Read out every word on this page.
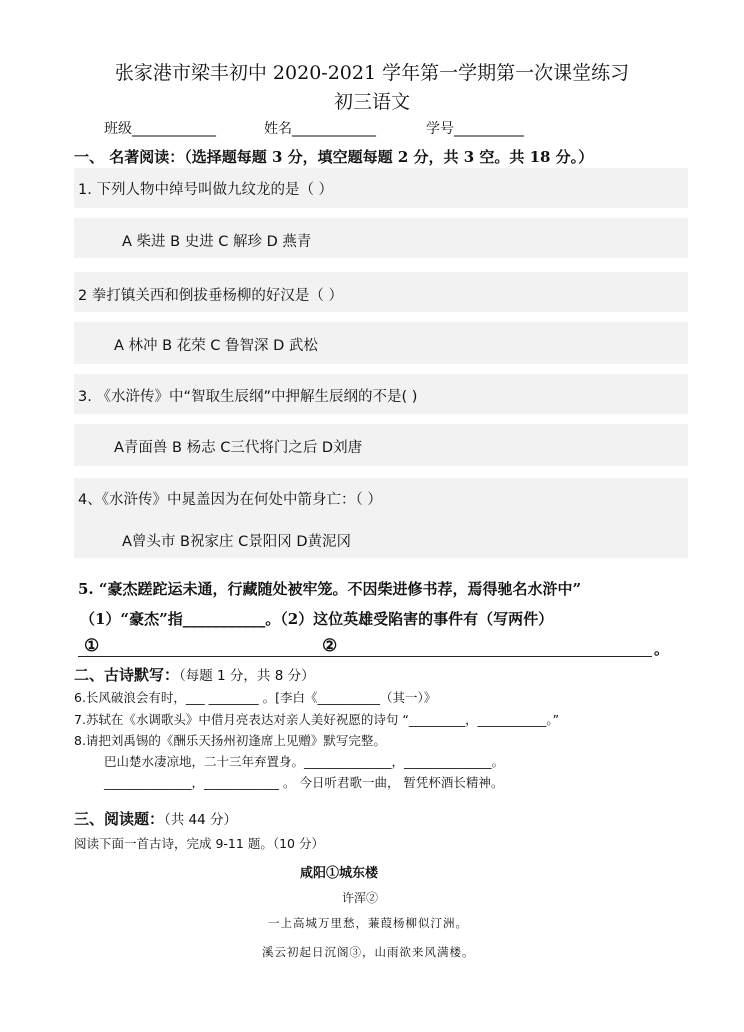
张家港市梁丰初中 2020-2021 学年第一学期第一次课堂练习
初三语文
班级____________	姓名____________	学号__________
一、 名著阅读：（选择题每题 3 分，填空题每题 2 分，共 3 空。共 18 分。）
1. 下列人物中绰号叫做九纹龙的是（ ）
A 柴进 B 史进 C 解珍 D 燕青
2 拳打镇关西和倒拔垂杨柳的好汉是（ ）
A 林冲 B 花荣 C 鲁智深 D 武松
3. 《水浒传》中“智取生辰纲”中押解生辰纲的不是( )
A青面兽 B 杨志 C三代将门之后 D刘唐
4、《水浒传》中晁盖因为在何处中箭身亡：（ ）
A曾头市 B祝家庄 C景阳冈 D黄泥冈
5. “豪杰蹉跎运未通，行藏随处被牢笼。不因柴进修书荐，焉得驰名水浒中”
（1）“豪杰”指___________。（2）这位英雄受陷害的事件有（写两件）
①	②	。
二、古诗默写：（每题 1 分，共 8 分）
6.长风破浪会有时，___ ________ 。[李白《__________（其一）》
7.苏轼在《水调歌头》中借月亮表达对亲人美好祝愿的诗句 “_________，___________。”
8.请把刘禹锡的《酬乐天扬州初逢席上见赠》默写完整。
巴山楚水凄凉地，二十三年弃置身。______________，______________。
______________，____________ 。 今日听君歌一曲， 暂凭杯酒长精神。
三、阅读题：（共 44 分）
阅读下面一首古诗，完成 9-11 题。（10 分）
咸阳①城东楼
许浑②
一上高城万里愁，蒹葭杨柳似汀洲。
溪云初起日沉阁③，山雨欲来风满楼。
